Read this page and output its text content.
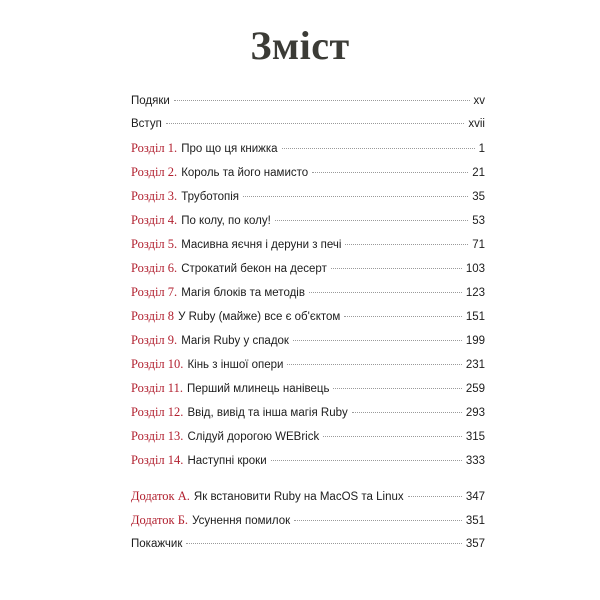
Зміст
Подяки	xv
Вступ	xvii
Розділ 1. Про що ця книжка	1
Розділ 2. Король та його намисто	21
Розділ 3. Труботопія	35
Розділ 4. По колу, по колу!	53
Розділ 5. Масивна яєчня і деруни з печі	71
Розділ 6. Строкатий бекон на десерт	103
Розділ 7. Магія блоків та методів	123
Розділ 8 У Ruby (майже) все є об'єктом	151
Розділ 9. Магія Ruby у спадок	199
Розділ 10. Кінь з іншої опери	231
Розділ 11. Перший млинець нанівець	259
Розділ 12. Ввід, вивід та інша магія Ruby	293
Розділ 13. Слідуй дорогою WEBrick	315
Розділ 14. Наступні кроки	333
Додаток А. Як встановити Ruby на MacOS та Linux	347
Додаток Б. Усунення помилок	351
Покажчик	357
